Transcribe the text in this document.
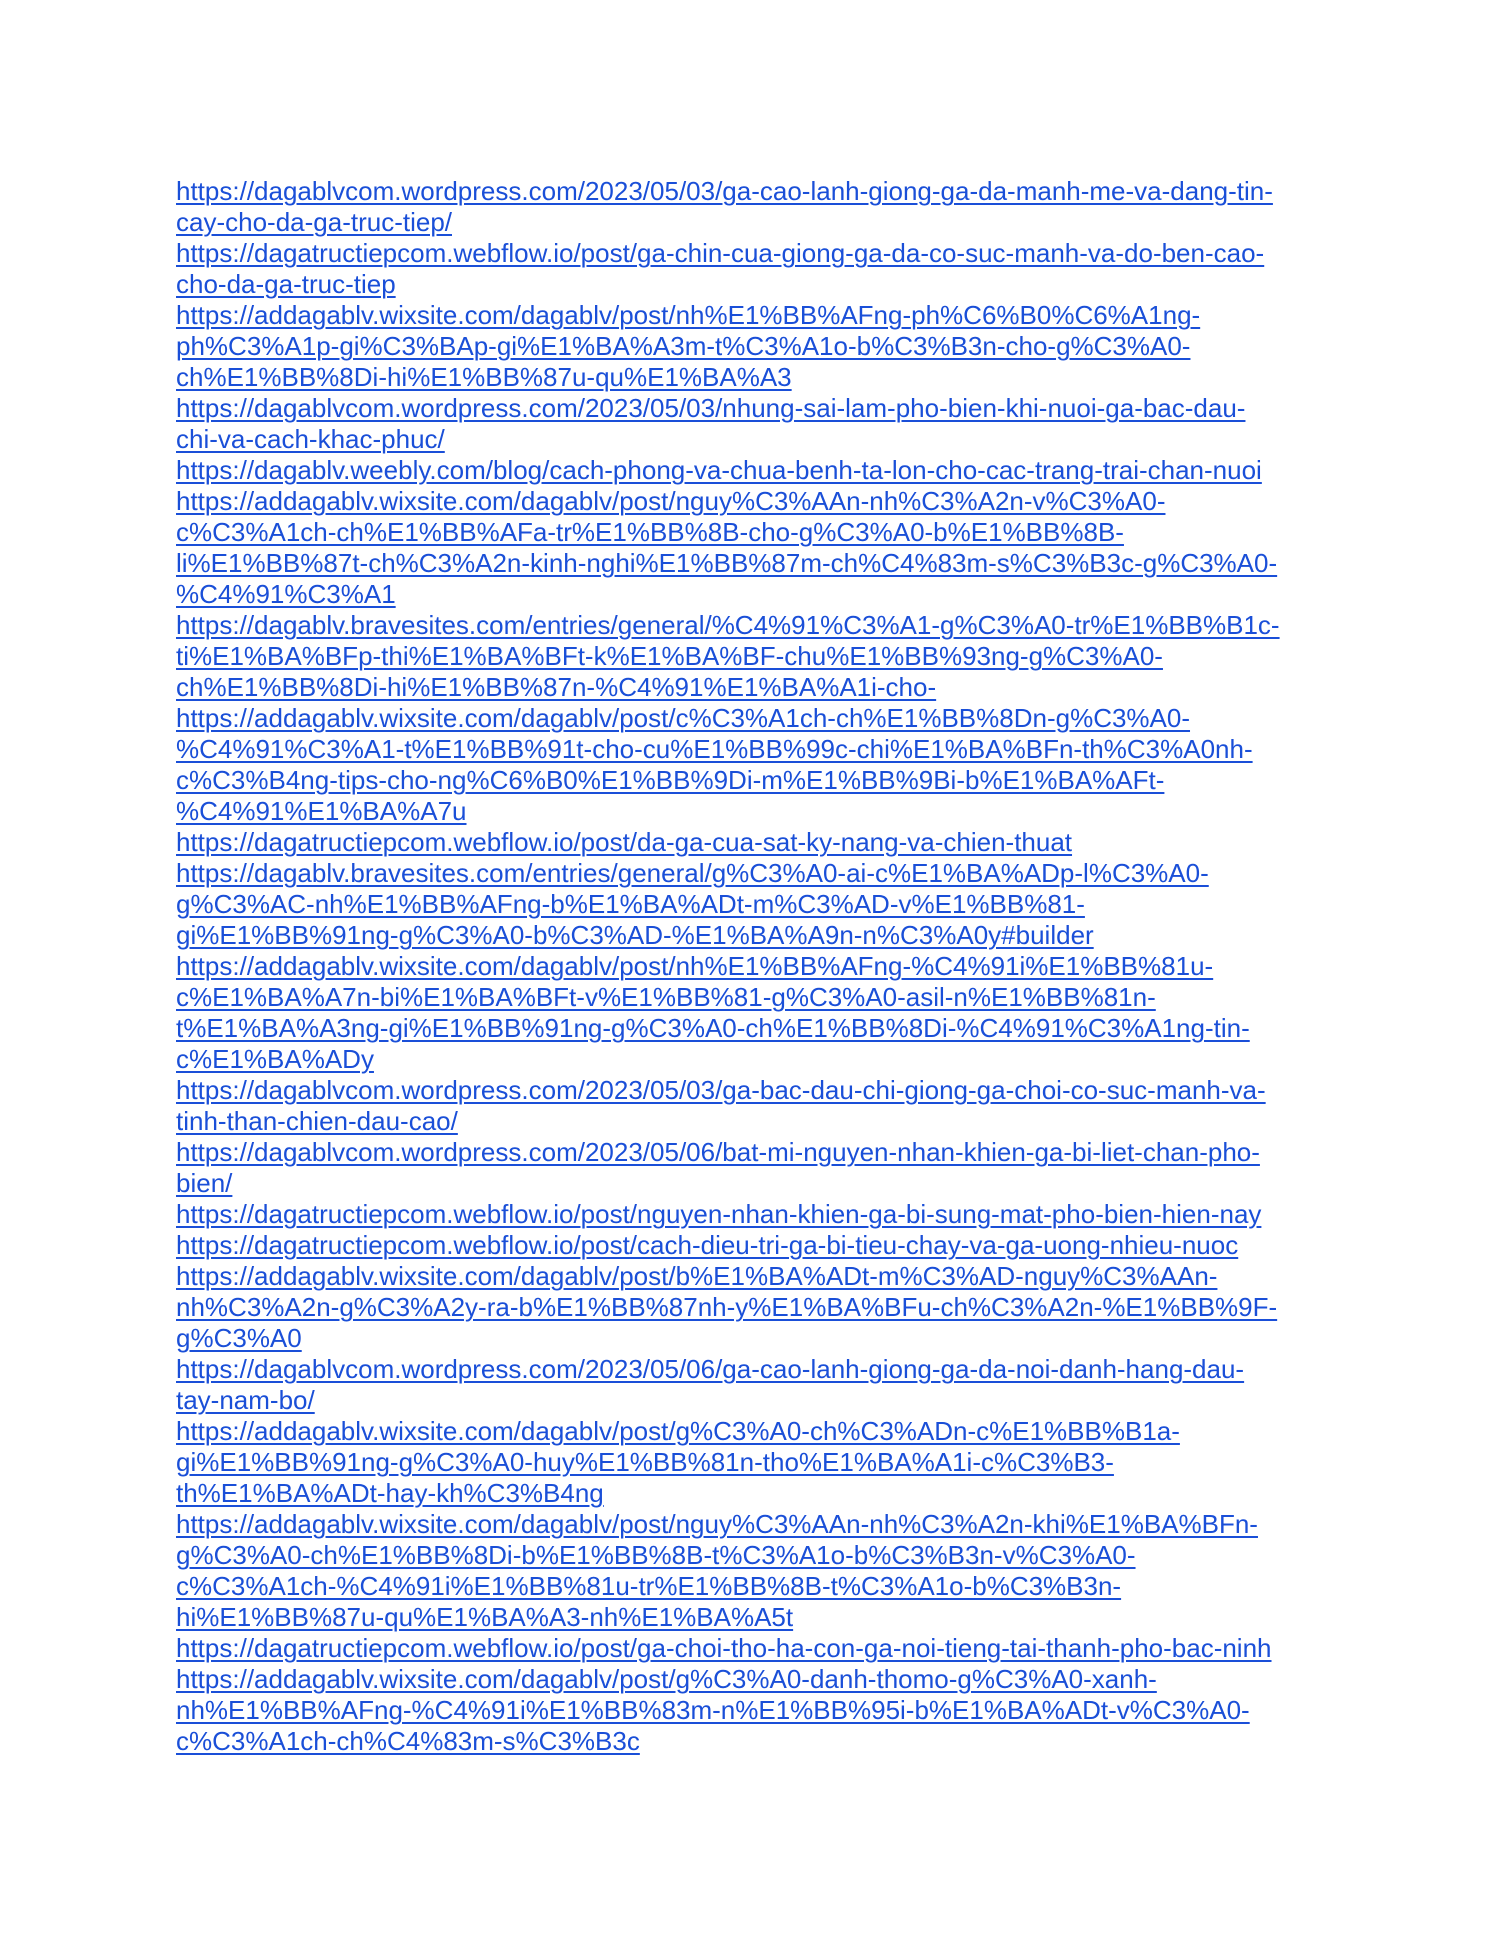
https://dagablvcom.wordpress.com/2023/05/03/ga-cao-lanh-giong-ga-da-manh-me-va-dang-tin-
cay-cho-da-ga-truc-tiep/
https://dagatructiepcom.webflow.io/post/ga-chin-cua-giong-ga-da-co-suc-manh-va-do-ben-cao-
cho-da-ga-truc-tiep
https://addagablv.wixsite.com/dagablv/post/nh%E1%BB%AFng-ph%C6%B0%C6%A1ng-
ph%C3%A1p-gi%C3%BAp-gi%E1%BA%A3m-t%C3%A1o-b%C3%B3n-cho-g%C3%A0-
ch%E1%BB%8Di-hi%E1%BB%87u-qu%E1%BA%A3
https://dagablvcom.wordpress.com/2023/05/03/nhung-sai-lam-pho-bien-khi-nuoi-ga-bac-dau-
chi-va-cach-khac-phuc/
https://dagablv.weebly.com/blog/cach-phong-va-chua-benh-ta-lon-cho-cac-trang-trai-chan-nuoi
https://addagablv.wixsite.com/dagablv/post/nguy%C3%AAn-nh%C3%A2n-v%C3%A0-
c%C3%A1ch-ch%E1%BB%AFa-tr%E1%BB%8B-cho-g%C3%A0-b%E1%BB%8B-
li%E1%BB%87t-ch%C3%A2n-kinh-nghi%E1%BB%87m-ch%C4%83m-s%C3%B3c-g%C3%A0-
%C4%91%C3%A1
https://dagablv.bravesites.com/entries/general/%C4%91%C3%A1-g%C3%A0-tr%E1%BB%B1c-
ti%E1%BA%BFp-thi%E1%BA%BFt-k%E1%BA%BF-chu%E1%BB%93ng-g%C3%A0-
ch%E1%BB%8Di-hi%E1%BB%87n-%C4%91%E1%BA%A1i-cho-
https://addagablv.wixsite.com/dagablv/post/c%C3%A1ch-ch%E1%BB%8Dn-g%C3%A0-
%C4%91%C3%A1-t%E1%BB%91t-cho-cu%E1%BB%99c-chi%E1%BA%BFn-th%C3%A0nh-
c%C3%B4ng-tips-cho-ng%C6%B0%E1%BB%9Di-m%E1%BB%9Bi-b%E1%BA%AFt-
%C4%91%E1%BA%A7u
https://dagatructiepcom.webflow.io/post/da-ga-cua-sat-ky-nang-va-chien-thuat
https://dagablv.bravesites.com/entries/general/g%C3%A0-ai-c%E1%BA%ADp-l%C3%A0-
g%C3%AC-nh%E1%BB%AFng-b%E1%BA%ADt-m%C3%AD-v%E1%BB%81-
gi%E1%BB%91ng-g%C3%A0-b%C3%AD-%E1%BA%A9n-n%C3%A0y#builder
https://addagablv.wixsite.com/dagablv/post/nh%E1%BB%AFng-%C4%91i%E1%BB%81u-
c%E1%BA%A7n-bi%E1%BA%BFt-v%E1%BB%81-g%C3%A0-asil-n%E1%BB%81n-
t%E1%BA%A3ng-gi%E1%BB%91ng-g%C3%A0-ch%E1%BB%8Di-%C4%91%C3%A1ng-tin-
c%E1%BA%ADy
https://dagablvcom.wordpress.com/2023/05/03/ga-bac-dau-chi-giong-ga-choi-co-suc-manh-va-
tinh-than-chien-dau-cao/
https://dagablvcom.wordpress.com/2023/05/06/bat-mi-nguyen-nhan-khien-ga-bi-liet-chan-pho-
bien/
https://dagatructiepcom.webflow.io/post/nguyen-nhan-khien-ga-bi-sung-mat-pho-bien-hien-nay
https://dagatructiepcom.webflow.io/post/cach-dieu-tri-ga-bi-tieu-chay-va-ga-uong-nhieu-nuoc
https://addagablv.wixsite.com/dagablv/post/b%E1%BA%ADt-m%C3%AD-nguy%C3%AAn-
nh%C3%A2n-g%C3%A2y-ra-b%E1%BB%87nh-y%E1%BA%BFu-ch%C3%A2n-%E1%BB%9F-
g%C3%A0
https://dagablvcom.wordpress.com/2023/05/06/ga-cao-lanh-giong-ga-da-noi-danh-hang-dau-
tay-nam-bo/
https://addagablv.wixsite.com/dagablv/post/g%C3%A0-ch%C3%ADn-c%E1%BB%B1a-
gi%E1%BB%91ng-g%C3%A0-huy%E1%BB%81n-tho%E1%BA%A1i-c%C3%B3-
th%E1%BA%ADt-hay-kh%C3%B4ng
https://addagablv.wixsite.com/dagablv/post/nguy%C3%AAn-nh%C3%A2n-khi%E1%BA%BFn-
g%C3%A0-ch%E1%BB%8Di-b%E1%BB%8B-t%C3%A1o-b%C3%B3n-v%C3%A0-
c%C3%A1ch-%C4%91i%E1%BB%81u-tr%E1%BB%8B-t%C3%A1o-b%C3%B3n-
hi%E1%BB%87u-qu%E1%BA%A3-nh%E1%BA%A5t
https://dagatructiepcom.webflow.io/post/ga-choi-tho-ha-con-ga-noi-tieng-tai-thanh-pho-bac-ninh
https://addagablv.wixsite.com/dagablv/post/g%C3%A0-danh-thomo-g%C3%A0-xanh-
nh%E1%BB%AFng-%C4%91i%E1%BB%83m-n%E1%BB%95i-b%E1%BA%ADt-v%C3%A0-
c%C3%A1ch-ch%C4%83m-s%C3%B3c
